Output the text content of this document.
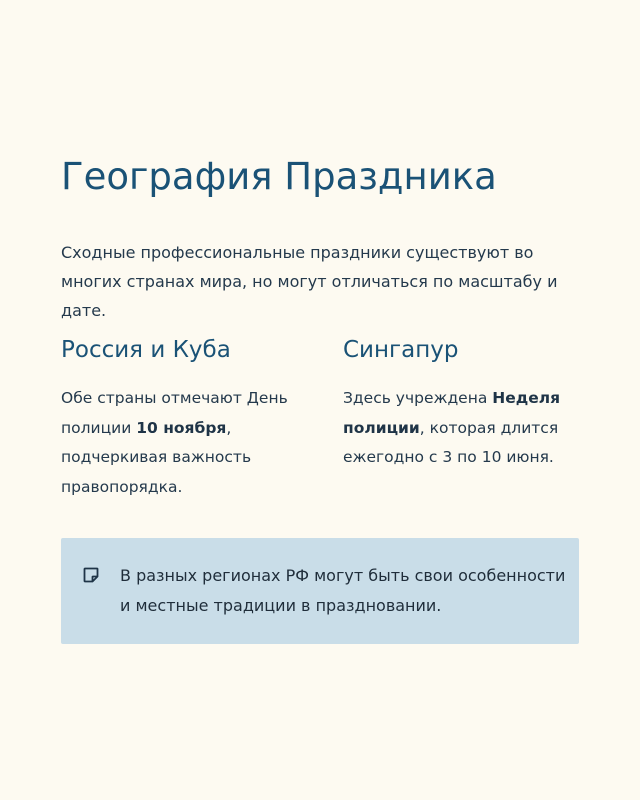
География Праздника

Сходные профессиональные праздники существуют во многих странах мира, но могут отличаться по масштабу и дате.

Россия и Куба

Обе страны отмечают День полиции 10 ноября, подчеркивая важность правопорядка.

Сингапур

Здесь учреждена Неделя полиции, которая длится ежегодно с 3 по 10 июня.

В разных регионах РФ могут быть свои особенности и местные традиции в праздновании.
